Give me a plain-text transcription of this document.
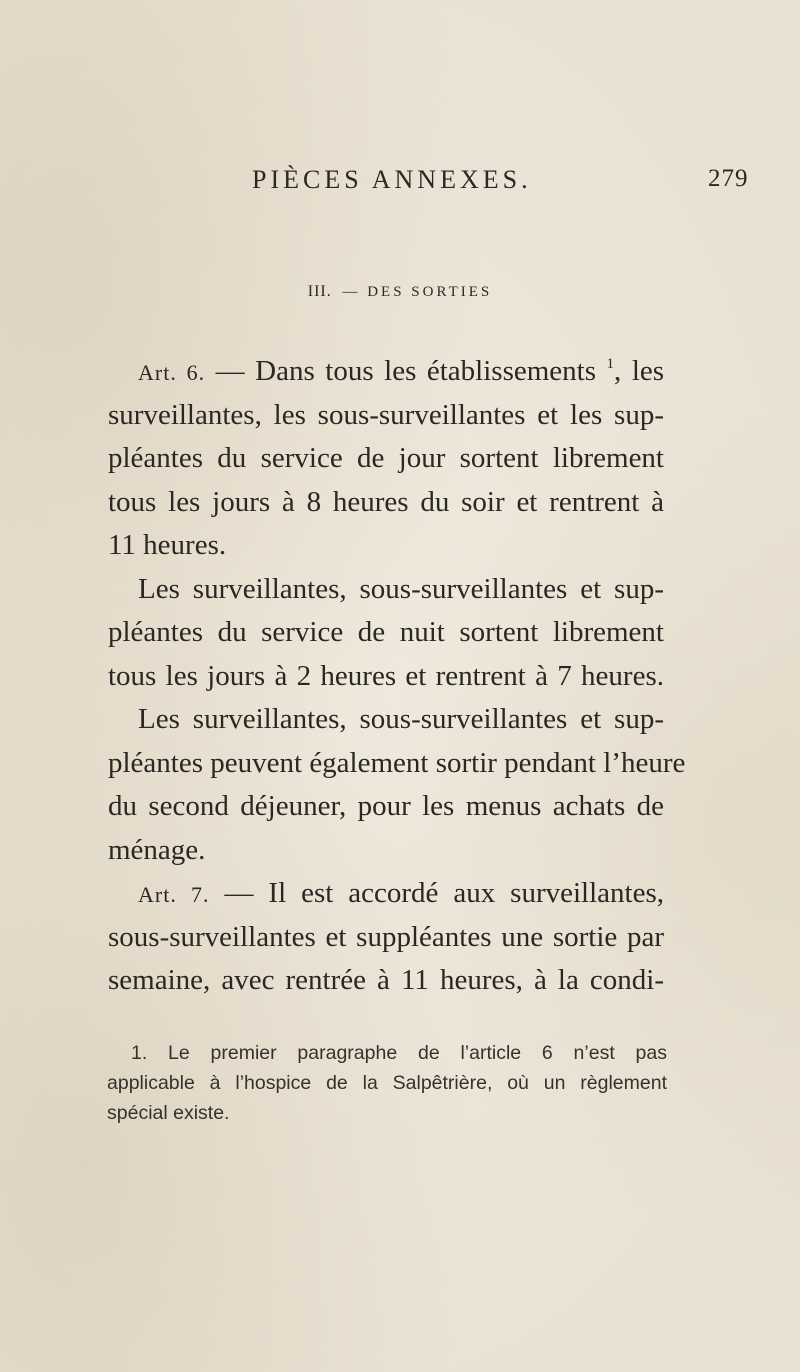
PIÈCES ANNEXES.	279
III. — DES SORTIES
Art. 6. — Dans tous les établissements $^1$, les
surveillantes, les sous-surveillantes et les sup-
pléantes du service de jour sortent librement
tous les jours à 8 heures du soir et rentrent à
11 heures.
Les surveillantes, sous-surveillantes et sup-
pléantes du service de nuit sortent librement
tous les jours à 2 heures et rentrent à 7 heures.
Les surveillantes, sous-surveillantes et sup-
pléantes peuvent également sortir pendant l’heure
du second déjeuner, pour les menus achats de
ménage.
Art. 7. — Il est accordé aux surveillantes,
sous-surveillantes et suppléantes une sortie par
semaine, avec rentrée à 11 heures, à la condi-
1. Le premier paragraphe de l’article 6 n’est pas
applicable à l’hospice de la Salpêtrière, où un règlement
spécial existe.
